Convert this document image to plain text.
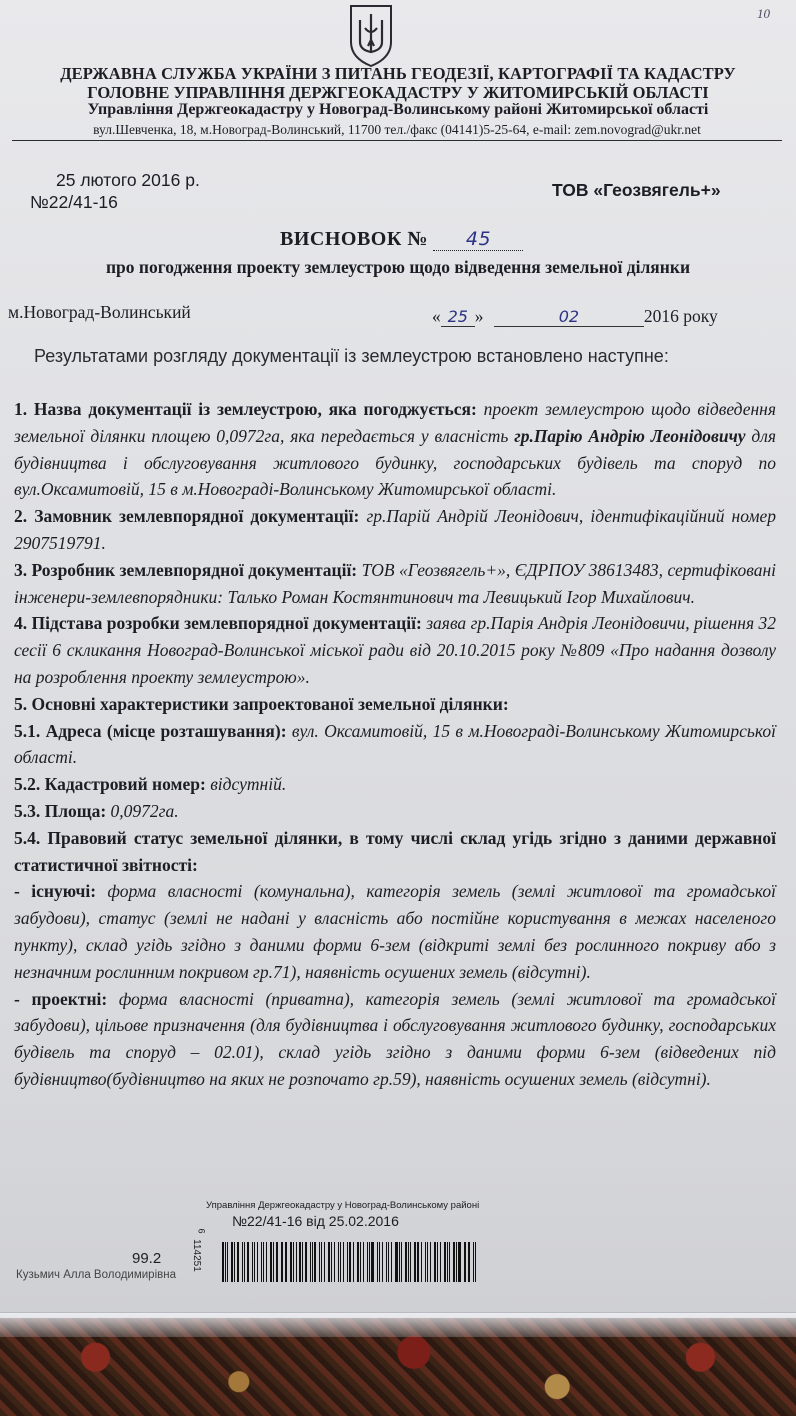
10
ДЕРЖАВНА СЛУЖБА УКРАЇНИ З ПИТАНЬ ГЕОДЕЗІЇ, КАРТОГРАФІЇ ТА КАДАСТРУ
ГОЛОВНЕ УПРАВЛІННЯ ДЕРЖГЕОКАДАСТРУ У ЖИТОМИРСЬКІЙ ОБЛАСТІ
Управління Держгеокадастру у Новоград-Волинському районі Житомирської області
вул.Шевченка, 18, м.Новоград-Волинський, 11700 тел./факс (04141)5-25-64, e-mail: zem.novograd@ukr.net
25 лютого 2016 р.
№22/41-16
ТОВ «Геозвягель+»
ВИСНОВОК № 45
про погодження проекту землеустрою щодо відведення земельної ділянки
м.Новоград-Волинський	« 25 »	02	2016 року
Результатами розгляду документації із землеустрою встановлено наступне:

1. Назва документації із землеустрою, яка погоджується: проект землеустрою щодо відведення земельної ділянки площею 0,0972га, яка передається у власність гр.Парію Андрію Леонідовичу для будівництва і обслуговування житлового будинку, господарських будівель та споруд по вул.Оксамитовій, 15 в м.Новограді-Волинському Житомирської області.

2. Замовник землевпорядної документації: гр.Парій Андрій Леонідович, ідентифікаційний номер 2907519791.

3. Розробник землевпорядної документації: ТОВ «Геозвягель+», ЄДРПОУ 38613483, сертифіковані інженери-землевпорядники: Талько Роман Костянтинович та Левицький Ігор Михайлович.

4. Підстава розробки землевпорядної документації: заява гр.Парія Андрія Леонідовичи, рішення 32 сесії 6 скликання Новоград-Волинської міської ради від 20.10.2015 року №809 «Про надання дозволу на розроблення проекту землеустрою».

5. Основні характеристики запроектованої земельної ділянки:

5.1. Адреса (місце розташування): вул. Оксамитовій, 15 в м.Новограді-Волинському Житомирської області.

5.2. Кадастровий номер: відсутній.

5.3. Площа: 0,0972га.

5.4. Правовий статус земельної ділянки, в тому числі склад угідь згідно з даними державної статистичної звітності:

- існуючі: форма власності (комунальна), категорія земель (землі житлової та громадської забудови), статус (землі не надані у власність або постійне користування в межах населеного пункту), склад угідь згідно з даними форми 6-зем (відкриті землі без рослинного покриву або з незначним рослинним покривом гр.71), наявність осушених земель (відсутні).

- проектні: форма власності (приватна), категорія земель (землі житлової та громадської забудови), цільове призначення (для будівництва і обслуговування житлового будинку, господарських будівель та споруд – 02.01), склад угідь згідно з даними форми 6-зем (відведених під будівництво(будівництво на яких не розпочато гр.59), наявність осушених земель (відсутні).

Управління Держгеокадастру у Новоград-Волинському районі
№22/41-16 від 25.02.2016
6
114251
99.2
Кузьмич Алла Володимирівна
